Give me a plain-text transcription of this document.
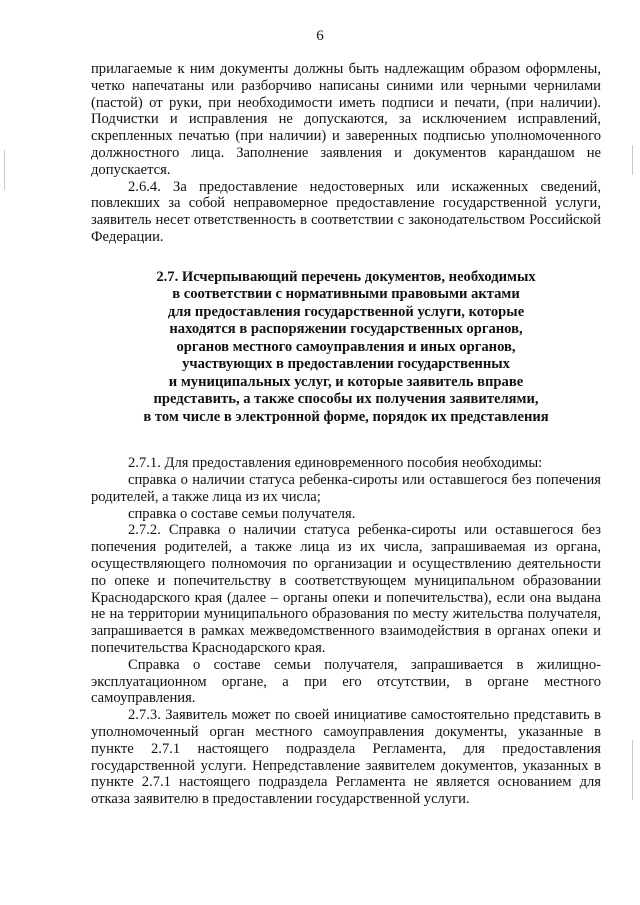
6

прилагаемые к ним документы должны быть надлежащим образом оформлены, четко напечатаны или разборчиво написаны синими или черными чернилами (пастой) от руки, при необходимости иметь подписи и печати, (при наличии). Подчистки и исправления не допускаются, за исключением исправлений, скрепленных печатью (при наличии) и заверенных подписью уполномоченного должностного лица. Заполнение заявления и документов карандашом не допускается.

2.6.4. За предоставление недостоверных или искаженных сведений, повлекших за собой неправомерное предоставление государственной услуги, заявитель несет ответственность в соответствии с законодательством Российской Федерации.

2.7. Исчерпывающий перечень документов, необходимых
в соответствии с нормативными правовыми актами
для предоставления государственной услуги, которые
находятся в распоряжении государственных органов,
органов местного самоуправления и иных органов,
участвующих в предоставлении государственных
и муниципальных услуг, и которые заявитель вправе
представить, а также способы их получения заявителями,
в том числе в электронной форме, порядок их представления

2.7.1. Для предоставления единовременного пособия необходимы:

справка о наличии статуса ребенка-сироты или оставшегося без попечения родителей, а также лица из их числа;

справка о составе семьи получателя.

2.7.2. Справка о наличии статуса ребенка-сироты или оставшегося без попечения родителей, а также лица из их числа, запрашиваемая из органа, осуществляющего полномочия по организации и осуществлению деятельности по опеке и попечительству в соответствующем муниципальном образовании Краснодарского края (далее – органы опеки и попечительства), если она выдана не на территории муниципального образования по месту жительства получателя, запрашивается в рамках межведомственного взаимодействия в органах опеки и попечительства Краснодарского края.

Справка о составе семьи получателя, запрашивается в жилищно-эксплуатационном органе, а при его отсутствии, в органе местного самоуправления.

2.7.3. Заявитель может по своей инициативе самостоятельно представить в уполномоченный орган местного самоуправления документы, указанные в пункте 2.7.1 настоящего подраздела Регламента, для предоставления государственной услуги. Непредставление заявителем документов, указанных в пункте 2.7.1 настоящего подраздела Регламента не является основанием для отказа заявителю в предоставлении государственной услуги.
